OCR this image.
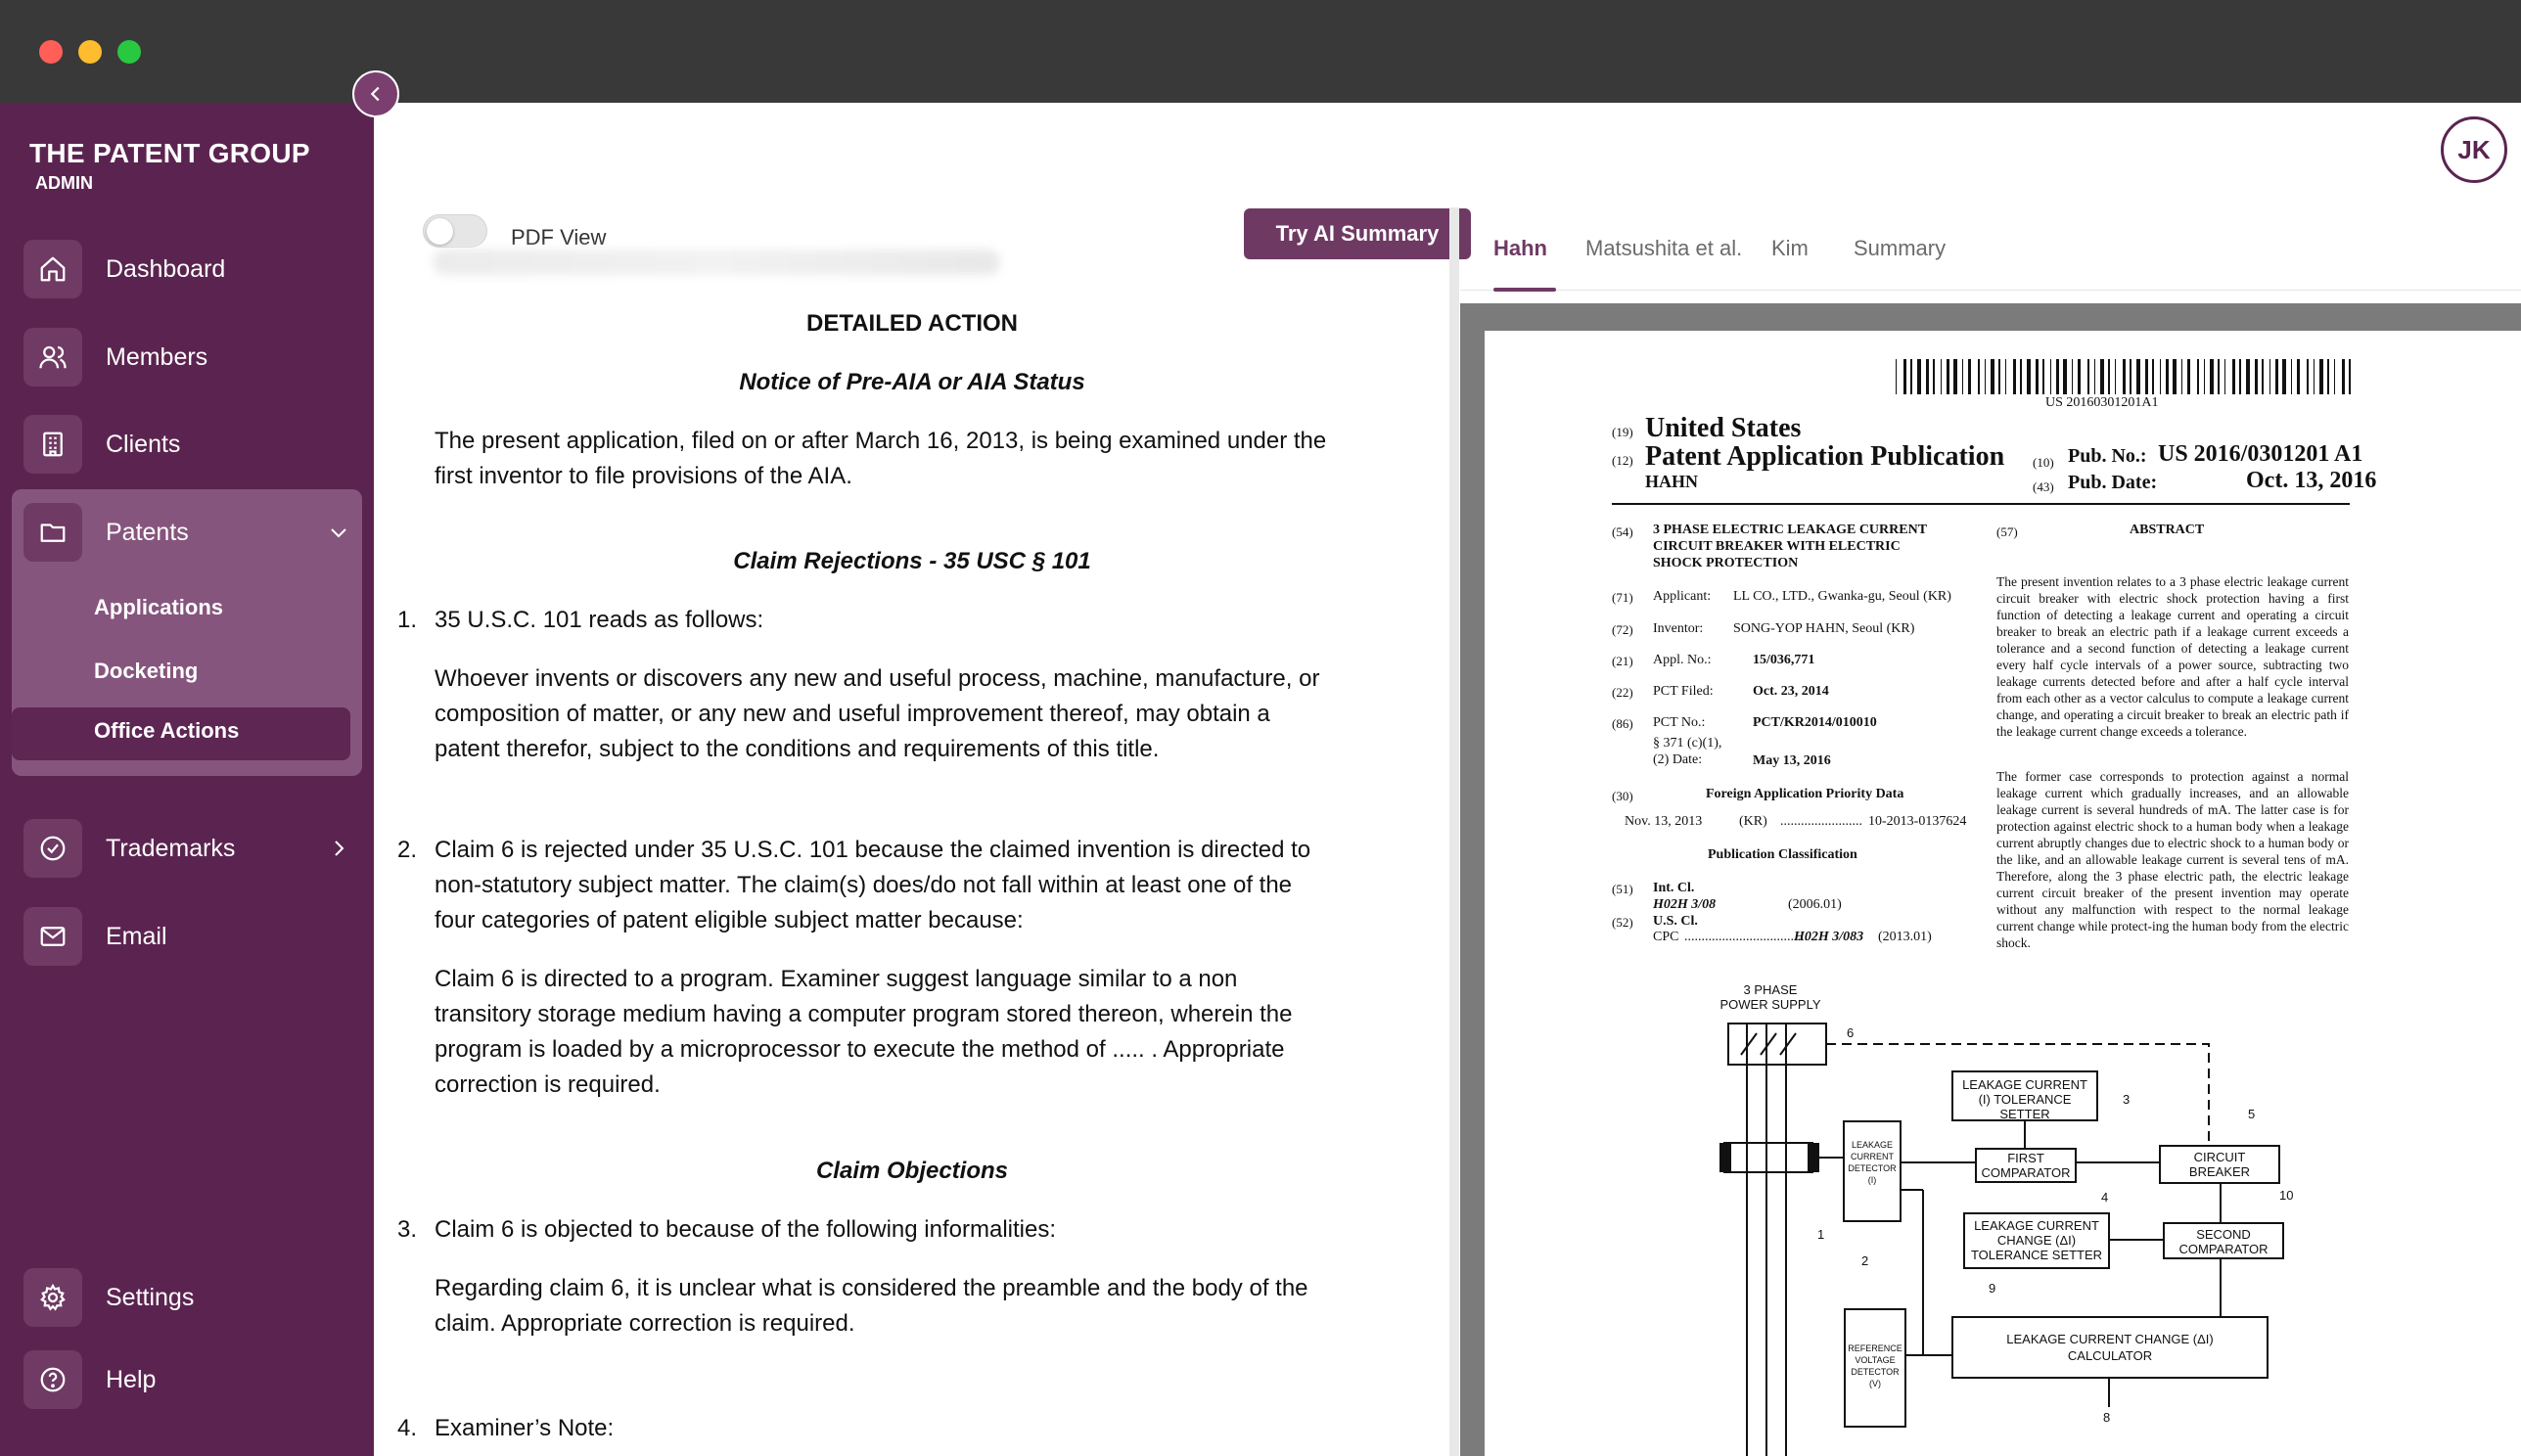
THE PATENT GROUP
ADMIN
Dashboard
Members
Clients
Patents
Applications
Docketing
Office Actions
Trademarks
Email
Settings
Help
JK
PDF View	Try AI Summary
DETAILED ACTION
Notice of Pre-AIA or AIA Status
The present application, filed on or after March 16, 2013, is being examined under the
first inventor to file provisions of the AIA.
Claim Rejections - 35 USC § 101
1. 35 U.S.C. 101 reads as follows:
Whoever invents or discovers any new and useful process, machine, manufacture, or
composition of matter, or any new and useful improvement thereof, may obtain a
patent therefor, subject to the conditions and requirements of this title.
2. Claim 6 is rejected under 35 U.S.C. 101 because the claimed invention is directed to
non-statutory subject matter. The claim(s) does/do not fall within at least one of the
four categories of patent eligible subject matter because:
Claim 6 is directed to a program. Examiner suggest language similar to a non
transitory storage medium having a computer program stored thereon, wherein the
program is loaded by a microprocessor to execute the method of ..... . Appropriate
correction is required.
Claim Objections
3. Claim 6 is objected to because of the following informalities:
Regarding claim 6, it is unclear what is considered the preamble and the body of the
claim. Appropriate correction is required.
4. Examiner’s Note:
Hahn Matsushita et al. Kim Summary
US 20160301201A1
(19) United States
(12) Patent Application Publication
HAHN
(10) Pub. No.: US 2016/0301201 A1
(43) Pub. Date:	Oct. 13, 2016
(54) 3 PHASE ELECTRIC LEAKAGE CURRENT
CIRCUIT BREAKER WITH ELECTRIC
SHOCK PROTECTION
(71) Applicant: LL CO., LTD., Gwanka-gu, Seoul (KR)
(72) Inventor: SONG-YOP HAHN, Seoul (KR)
(21) Appl. No.:	15/036,771
(22) PCT Filed:	Oct. 23, 2014
(86) PCT No.:	PCT/KR2014/010010
§ 371 (c)(1),
(2) Date:	May 13, 2016
(30)	Foreign Application Priority Data
Nov. 13, 2013	(KR) ........................ 10-2013-0137624
Publication Classification
(51) Int. Cl.
H02H 3/08	(2006.01)
(52) U.S. Cl.
CPC ....................................
H02H 3/083 (2013.01)
(57)	ABSTRACT
The present invention relates to a 3 phase electric leakage current circuit breaker with electric shock protection having a first function of detecting a leakage current and operating a circuit breaker to break an electric path if a leakage current exceeds a tolerance and a second function of detecting a leakage current every half cycle intervals of a power source, subtracting two leakage currents detected before and after a half cycle interval from each other as a vector calculus to compute a leakage current change, and operating a circuit breaker to break an electric path if the leakage current change exceeds a tolerance.
The former case corresponds to protection against a normal leakage current which gradually increases, and an allowable leakage current is several hundreds of mA. The latter case is for protection against electric shock to a human body when a leakage current abruptly changes due to electric shock to a human body or the like, and an allowable leakage current is several tens of mA. Therefore, along the 3 phase electric path, the electric leakage current circuit breaker of the present invention may operate without any malfunction with respect to the normal leakage current change while protect-ing the human body from the electric shock.
3 PHASE
POWER SUPPLY
6
LEAKAGE CURRENT
(I) TOLERANCE
SETTER
3
5
LEAKAGE
CURRENT
DETECTOR
(I)
FIRST
COMPARATOR
4
CIRCUIT
BREAKER
10
1
2
LEAKAGE CURRENT
CHANGE (ΔI)
TOLERANCE SETTER
SECOND
COMPARATOR
9
REFERENCE
VOLTAGE
DETECTOR
(V)
LEAKAGE CURRENT CHANGE (ΔI)
CALCULATOR
8
